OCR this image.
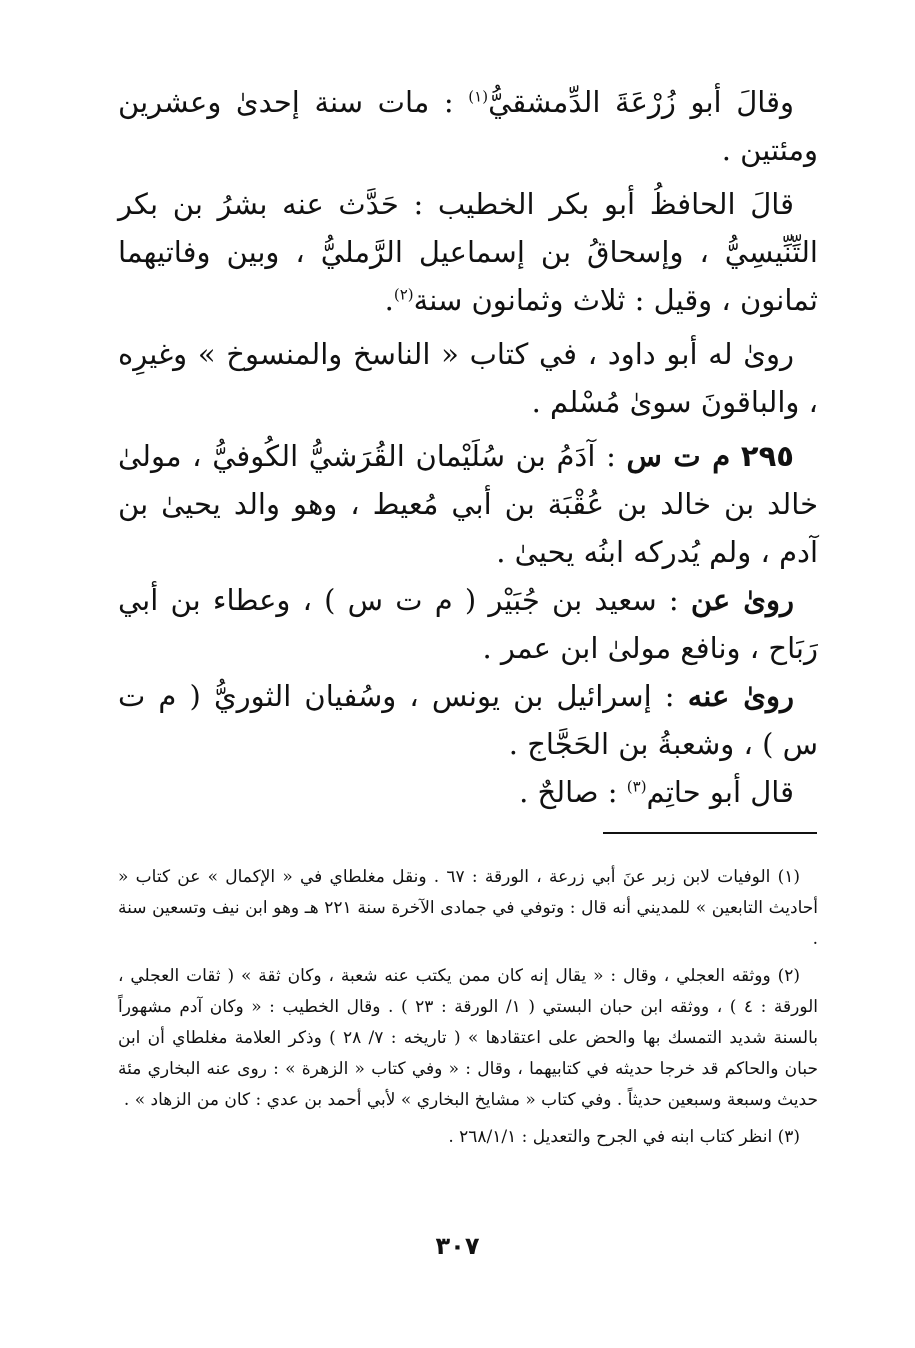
وقالَ أبو زُرْعَةَ الدِّمشقيُّ$^{(١)}$ : مات سنة إحدىٰ وعشرين ومئتين .

قالَ الحافظُ أبو بكر الخطيب : حَدَّث عنه بشرُ بن بكر التِّنِّيسِيُّ ، وإسحاقُ بن إسماعيل الرَّمليُّ ، وبين وفاتيهما ثمانون ، وقيل : ثلاث وثمانون سنة$^{(٢)}$.

رویٰ له أبو داود ، في كتاب « الناسخ والمنسوخ » وغيرِه ، والباقونَ سوىٰ مُسْلم .

٢٩٥ م ت س : آدَمُ بن سُلَيْمان القُرَشيُّ الكُوفيُّ ، مولىٰ خالد بن خالد بن عُقْبَة بن أبي مُعيط ، وهو والد يحيىٰ بن آدم ، ولم يُدركه ابنُه يحيىٰ .

رویٰ عن : سعيد بن جُبَيْر ( م ت س ) ، وعطاء بن أبي رَبَاح ، ونافع مولىٰ ابن عمر .

رویٰ عنه : إسرائيل بن يونس ، وسُفيان الثوريُّ ( م ت س ) ، وشعبةُ بن الحَجَّاج .

قال أبو حاتِم$^{(٣)}$ : صالحٌ .

(١) الوفيات لابن زبر عنَ أبي زرعة ، الورقة : ٦٧ . ونقل مغلطاي في « الإكمال » عن كتاب « أحاديث التابعين » للمديني أنه قال : وتوفي في جمادى الآخرة سنة ٢٢١ هـ وهو ابن نيف وتسعين سنة .

(٢) ووثقه العجلي ، وقال : « يقال إنه كان ممن يكتب عنه شعبة ، وكان ثقة » ( ثقات العجلي ، الورقة : ٤ ) ، ووثقه ابن حبان البستي ( ١/ الورقة : ٢٣ ) . وقال الخطيب : « وكان آدم مشهوراً بالسنة شديد التمسك بها والحض على اعتقادها » ( تاريخه : ٧/ ٢٨ ) وذكر العلامة مغلطاي أن ابن حبان والحاكم قد خرجا حديثه في كتابيهما ، وقال : « وفي كتاب « الزهرة » : روى عنه البخاري مئة حديث وسبعة وسبعين حديثاً . وفي كتاب « مشايخ البخاري » لأبي أحمد بن عدي : كان من الزهاد » .

(٣) انظر كتاب ابنه في الجرح والتعديل : ٢٦٨/١/١ .

٣٠٧
